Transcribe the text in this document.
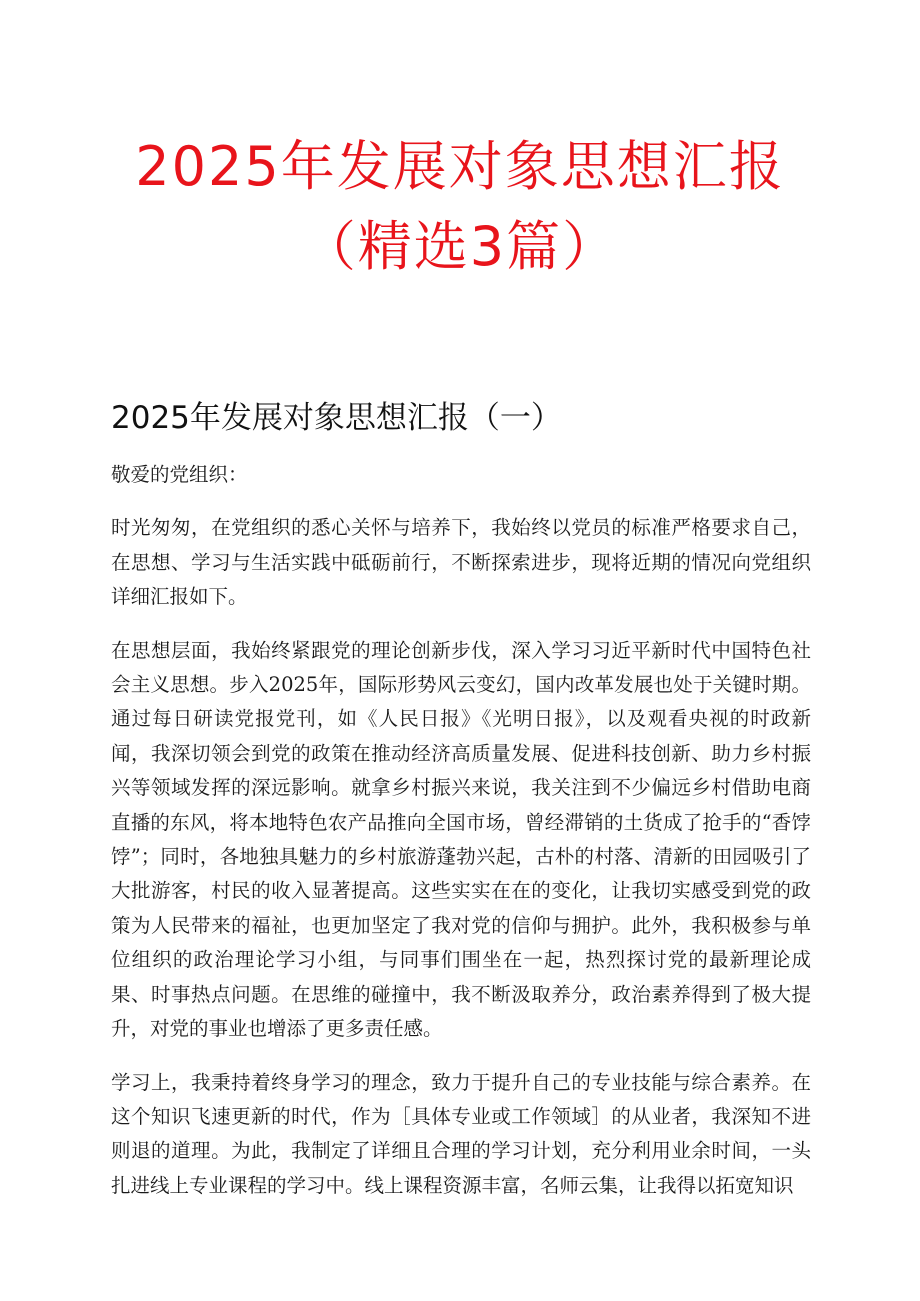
2025年发展对象思想汇报
（精选3篇）
2025年发展对象思想汇报（一）

敬爱的党组织：

时光匆匆，在党组织的悉心关怀与培养下，我始终以党员的标准严格要求自己，在思想、学习与生活实践中砥砺前行，不断探索进步，现将近期的情况向党组织详细汇报如下。

在思想层面，我始终紧跟党的理论创新步伐，深入学习习近平新时代中国特色社会主义思想。步入2025年，国际形势风云变幻，国内改革发展也处于关键时期。通过每日研读党报党刊，如《人民日报》《光明日报》，以及观看央视的时政新闻，我深切领会到党的政策在推动经济高质量发展、促进科技创新、助力乡村振兴等领域发挥的深远影响。就拿乡村振兴来说，我关注到不少偏远乡村借助电商直播的东风，将本地特色农产品推向全国市场，曾经滞销的土货成了抢手的“香饽饽”；同时，各地独具魅力的乡村旅游蓬勃兴起，古朴的村落、清新的田园吸引了大批游客，村民的收入显著提高。这些实实在在的变化，让我切实感受到党的政策为人民带来的福祉，也更加坚定了我对党的信仰与拥护。此外，我积极参与单位组织的政治理论学习小组，与同事们围坐在一起，热烈探讨党的最新理论成果、时事热点问题。在思维的碰撞中，我不断汲取养分，政治素养得到了极大提升，对党的事业也增添了更多责任感。

学习上，我秉持着终身学习的理念，致力于提升自己的专业技能与综合素养。在这个知识飞速更新的时代，作为［具体专业或工作领域］的从业者，我深知不进则退的道理。为此，我制定了详细且合理的学习计划，充分利用业余时间，一头扎进线上专业课程的学习中。线上课程资源丰富，名师云集，让我得以拓宽知识
